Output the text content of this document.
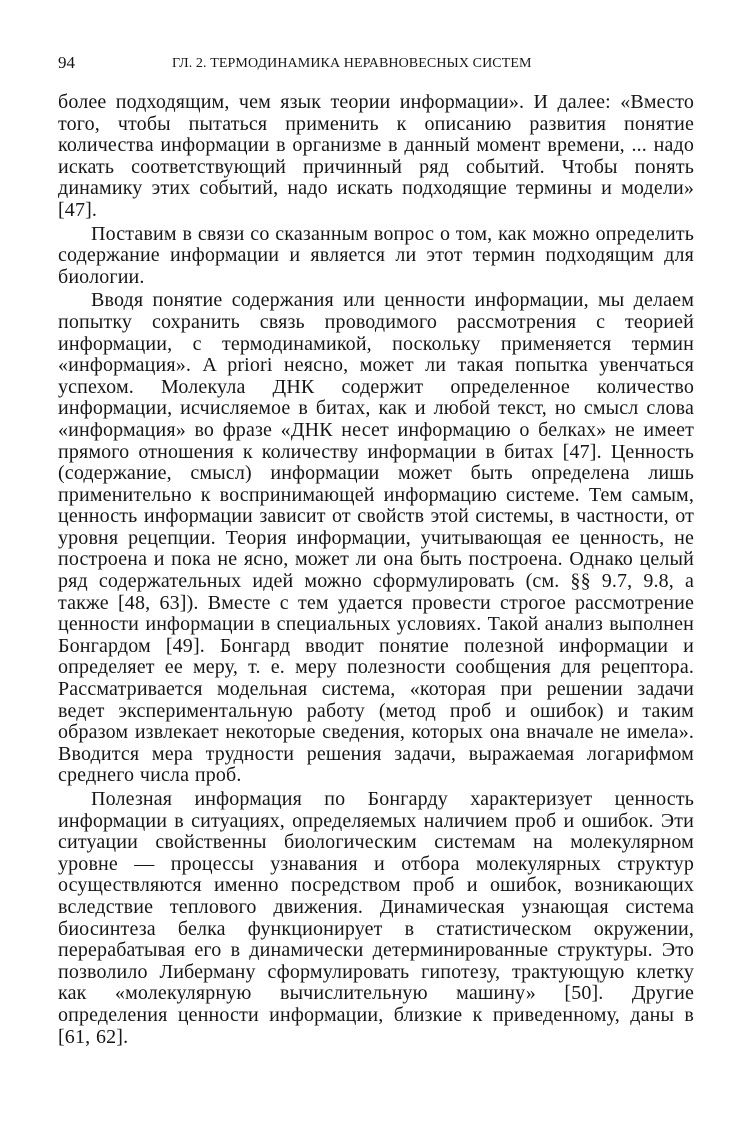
94	ГЛ. 2. ТЕРМОДИНАМИКА НЕРАВНОВЕСНЫХ СИСТЕМ

более подходящим, чем язык теории информации». И далее: «Вместо того, чтобы пытаться применить к описанию развития понятие количества информации в организме в данный момент времени, ... надо искать соответствующий причинный ряд событий. Чтобы понять динамику этих событий, надо искать подходящие термины и модели» [47].

Поставим в связи со сказанным вопрос о том, как можно определить содержание информации и является ли этот термин подходящим для биологии.

Вводя понятие содержания или ценности информации, мы делаем попытку сохранить связь проводимого рассмотрения с теорией информации, с термодинамикой, поскольку применяется термин «информация». A priori неясно, может ли такая попытка увенчаться успехом. Молекула ДНК содержит определенное количество информации, исчисляемое в битах, как и любой текст, но смысл слова «информация» во фразе «ДНК несет информацию о белках» не имеет прямого отношения к количеству информации в битах [47]. Ценность (содержание, смысл) информации может быть определена лишь применительно к воспринимающей информацию системе. Тем самым, ценность информации зависит от свойств этой системы, в частности, от уровня рецепции. Теория информации, учитывающая ее ценность, не построена и пока не ясно, может ли она быть построена. Однако целый ряд содержательных идей можно сформулировать (см. §§ 9.7, 9.8, а также [48, 63]). Вместе с тем удается провести строгое рассмотрение ценности информации в специальных условиях. Такой анализ выполнен Бонгардом [49]. Бонгард вводит понятие полезной информации и определяет ее меру, т. е. меру полезности сообщения для рецептора. Рассматривается модельная система, «которая при решении задачи ведет экспериментальную работу (метод проб и ошибок) и таким образом извлекает некоторые сведения, которых она вначале не имела». Вводится мера трудности решения задачи, выражаемая логарифмом среднего числа проб.

Полезная информация по Бонгарду характеризует ценность информации в ситуациях, определяемых наличием проб и ошибок. Эти ситуации свойственны биологическим системам на молекулярном уровне — процессы узнавания и отбора молекулярных структур осуществляются именно посредством проб и ошибок, возникающих вследствие теплового движения. Динамическая узнающая система биосинтеза белка функционирует в статистическом окружении, перерабатывая его в динамически детерминированные структуры. Это позволило Либерману сформулировать гипотезу, трактующую клетку как «молекулярную вычислительную машину» [50]. Другие определения ценности информации, близкие к приведенному, даны в [61, 62].
